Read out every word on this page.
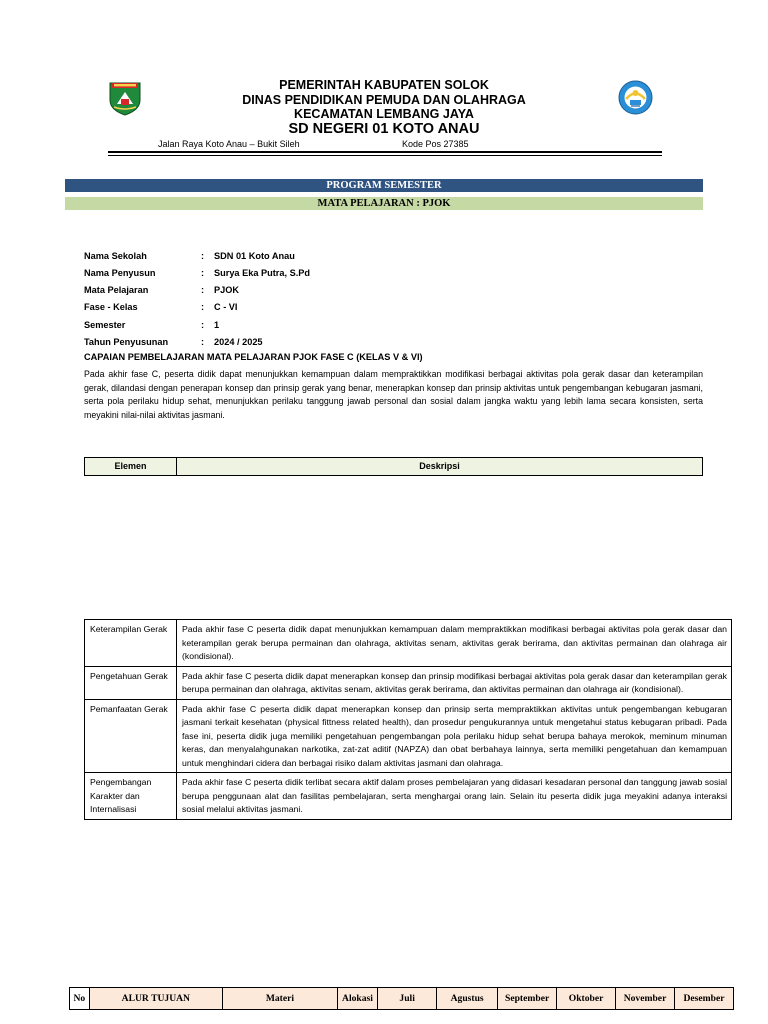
PEMERINTAH KABUPATEN SOLOK
DINAS PENDIDIKAN PEMUDA DAN OLAHRAGA
KECAMATAN LEMBANG JAYA
SD NEGERI 01 KOTO ANAU
Jalan Raya Koto Anau – Bukit Sileh	Kode Pos 27385
PROGRAM SEMESTER
MATA PELAJARAN : PJOK
Nama Sekolah	: SDN 01 Koto Anau
Nama Penyusun	: Surya Eka Putra, S.Pd
Mata Pelajaran	: PJOK
Fase - Kelas	: C - VI
Semester	: 1
Tahun Penyusunan	: 2024 / 2025
CAPAIAN PEMBELAJARAN MATA PELAJARAN PJOK FASE C (KELAS V & VI)
Pada akhir fase C, peserta didik dapat menunjukkan kemampuan dalam mempraktikkan modifikasi berbagai aktivitas pola gerak dasar dan keterampilan gerak, dilandasi dengan penerapan konsep dan prinsip gerak yang benar, menerapkan konsep dan prinsip aktivitas untuk pengembangan kebugaran jasmani, serta pola perilaku hidup sehat, menunjukkan perilaku tanggung jawab personal dan sosial dalam jangka waktu yang lebih lama secara konsisten, serta meyakini nilai-nilai aktivitas jasmani.
Elemen	Deskripsi
Keterampilan Gerak	Pada akhir fase C peserta didik dapat menunjukkan kemampuan dalam mempraktikkan modifikasi berbagai aktivitas pola gerak dasar dan keterampilan gerak berupa permainan dan olahraga, aktivitas senam, aktivitas gerak berirama, dan aktivitas permainan dan olahraga air (kondisional).
Pengetahuan Gerak	Pada akhir fase C peserta didik dapat menerapkan konsep dan prinsip modifikasi berbagai aktivitas pola gerak dasar dan keterampilan gerak berupa permainan dan olahraga, aktivitas senam, aktivitas gerak berirama, dan aktivitas permainan dan olahraga air (kondisional).
Pemanfaatan Gerak	Pada akhir fase C peserta didik dapat menerapkan konsep dan prinsip serta mempraktikkan aktivitas untuk pengembangan kebugaran jasmani terkait kesehatan (physical fittness related health), dan prosedur pengukurannya untuk mengetahui status kebugaran pribadi. Pada fase ini, peserta didik juga memiliki pengetahuan pengembangan pola perilaku hidup sehat berupa bahaya merokok, meminum minuman keras, dan menyalahgunakan narkotika, zat-zat aditif (NAPZA) dan obat berbahaya lainnya, serta memiliki pengetahuan dan kemampuan untuk menghindari cidera dan berbagai risiko dalam aktivitas jasmani dan olahraga.
Pengembangan Karakter dan Internalisasi	Pada akhir fase C peserta didik terlibat secara aktif dalam proses pembelajaran yang didasari kesadaran personal dan tanggung jawab sosial berupa penggunaan alat dan fasilitas pembelajaran, serta menghargai orang lain. Selain itu peserta didik juga meyakini adanya interaksi sosial melalui aktivitas jasmani.
No	ALUR TUJUAN	Materi	Alokasi	Juli	Agustus	September	Oktober	November	Desember
